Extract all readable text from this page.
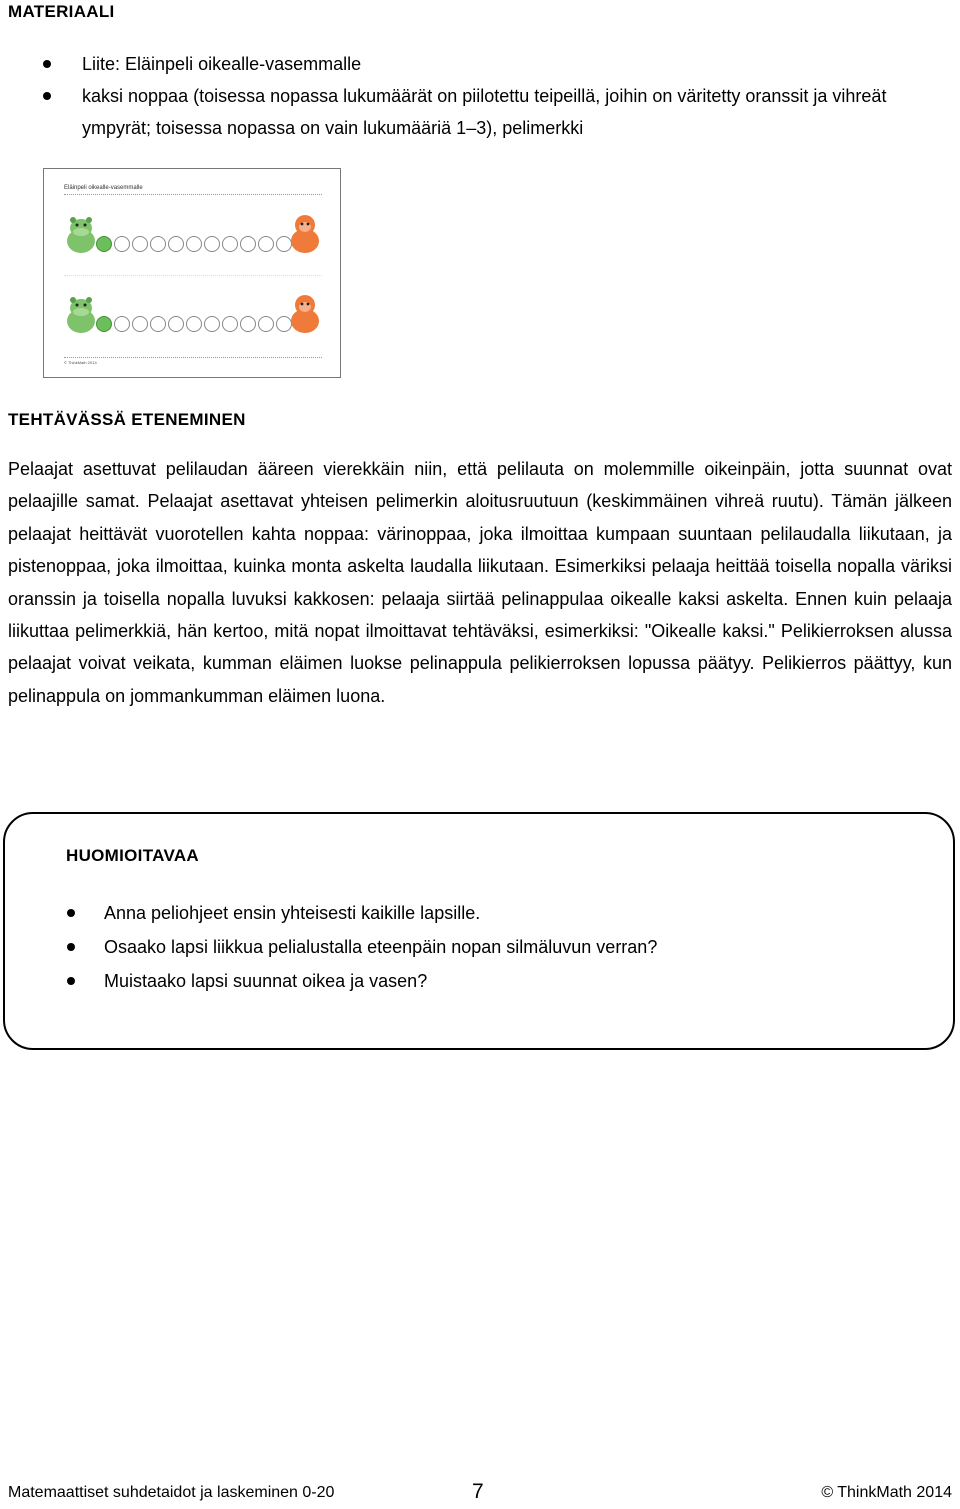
MATERIAALI
Liite: Eläinpeli oikealle-vasemmalle
kaksi noppaa (toisessa nopassa lukumäärät on piilotettu teipeillä, joihin on väritetty oranssit ja vihreät ympyrät; toisessa nopassa on vain lukumääriä 1–3), pelimerkki
Eläinpeli oikealle-vasemmalle
© ThinkMath 2014
TEHTÄVÄSSÄ ETENEMINEN

Pelaajat asettuvat pelilaudan ääreen vierekkäin niin, että pelilauta on molemmille oikeinpäin, jotta suunnat ovat pelaajille samat. Pelaajat asettavat yhteisen pelimerkin aloitusruutuun (keskimmäinen vihreä ruutu). Tämän jälkeen pelaajat heittävät vuorotellen kahta noppaa: värinoppaa, joka ilmoittaa kumpaan suuntaan pelilaudalla liikutaan, ja pistenoppaa, joka ilmoittaa, kuinka monta askelta laudalla liikutaan. Esimerkiksi pelaaja heittää toisella nopalla väriksi oranssin ja toisella nopalla luvuksi kakkosen: pelaaja siirtää pelinappulaa oikealle kaksi askelta. Ennen kuin pelaaja liikuttaa pelimerkkiä, hän kertoo, mitä nopat ilmoittavat tehtäväksi, esimerkiksi: "Oikealle kaksi." Pelikierroksen alussa pelaajat voivat veikata, kumman eläimen luokse pelinappula pelikierroksen lopussa päätyy. Pelikierros päättyy, kun pelinappula on jommankumman eläimen luona.

HUOMIOITAVAA
Anna peliohjeet ensin yhteisesti kaikille lapsille.
Osaako lapsi liikkua pelialustalla eteenpäin nopan silmäluvun verran?
Muistaako lapsi suunnat oikea ja vasen?
Matemaattiset suhdetaidot ja laskeminen 0-20	7	© ThinkMath 2014
